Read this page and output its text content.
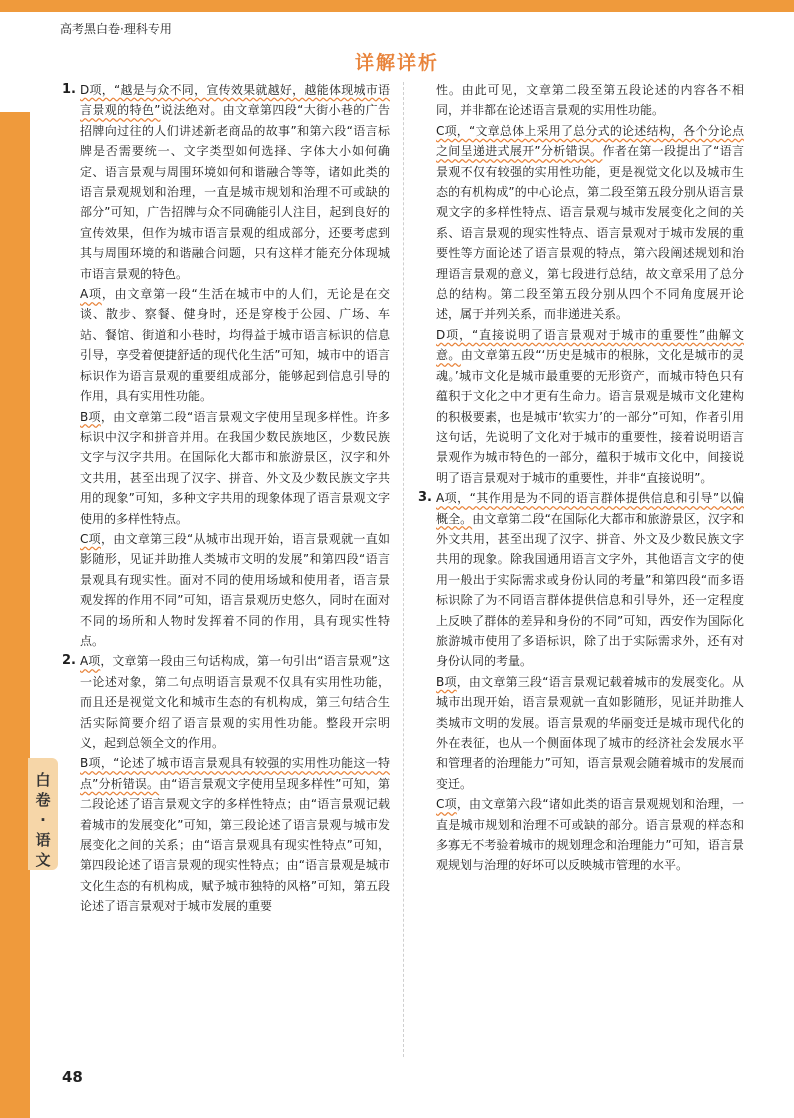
高考黑白卷·理科专用
详解详析
白卷·语文

1. D项，“越是与众不同，宣传效果就越好，越能体现城市语言景观的特色”说法绝对。由文章第四段“大街小巷的广告招牌向过往的人们讲述新老商品的故事”和第六段“语言标牌是否需要统一、文字类型如何选择、字体大小如何确定、语言景观与周围环境如何和谐融合等等，诸如此类的语言景观规划和治理，一直是城市规划和治理不可或缺的部分”可知，广告招牌与众不同确能引人注目，起到良好的宣传效果，但作为城市语言景观的组成部分，还要考虑到其与周围环境的和谐融合问题，只有这样才能充分体现城市语言景观的特色。

A项，由文章第一段“生活在城市中的人们，无论是在交谈、散步、察餐、健身时，还是穿梭于公园、广场、车站、餐馆、街道和小巷时，均得益于城市语言标识的信息引导，享受着便捷舒适的现代化生活”可知，城市中的语言标识作为语言景观的重要组成部分，能够起到信息引导的作用，具有实用性功能。

B项，由文章第二段“语言景观文字使用呈现多样性。许多标识中汉字和拼音并用。在我国少数民族地区，少数民族文字与汉字共用。在国际化大都市和旅游景区，汉字和外文共用，甚至出现了汉字、拼音、外文及少数民族文字共用的现象”可知，多种文字共用的现象体现了语言景观文字使用的多样性特点。

C项，由文章第三段“从城市出现开始，语言景观就一直如影随形，见证并助推人类城市文明的发展”和第四段“语言景观具有现实性。面对不同的使用场域和使用者，语言景观发挥的作用不同”可知，语言景观历史悠久，同时在面对不同的场所和人物时发挥着不同的作用，具有现实性特点。

2. A项，文章第一段由三句话构成，第一句引出“语言景观”这一论述对象，第二句点明语言景观不仅具有实用性功能，而且还是视觉文化和城市生态的有机构成，第三句结合生活实际简要介绍了语言景观的实用性功能。整段开宗明义，起到总领全文的作用。

B项，“论述了城市语言景观具有较强的实用性功能这一特点”分析错误。由“语言景观文字使用呈现多样性”可知，第二段论述了语言景观文字的多样性特点；由“语言景观记载着城市的发展变化”可知，第三段论述了语言景观与城市发展变化之间的关系；由“语言景观具有现实性特点”可知，第四段论述了语言景观的现实性特点；由“语言景观是城市文化生态的有机构成，赋予城市独特的风格”可知，第五段论述了语言景观对于城市发展的重要

性。由此可见，文章第二段至第五段论述的内容各不相同，并非都在论述语言景观的实用性功能。

C项，“文章总体上采用了总分式的论述结构，各个分论点之间呈递进式展开”分析错误。作者在第一段提出了“语言景观不仅有较强的实用性功能，更是视觉文化以及城市生态的有机构成”的中心论点，第二段至第五段分别从语言景观文字的多样性特点、语言景观与城市发展变化之间的关系、语言景观的现实性特点、语言景观对于城市发展的重要性等方面论述了语言景观的特点，第六段阐述规划和治理语言景观的意义，第七段进行总结，故文章采用了总分总的结构。第二段至第五段分别从四个不同角度展开论述，属于并列关系，而非递进关系。

D项，“直接说明了语言景观对于城市的重要性”曲解文意。由文章第五段“‘历史是城市的根脉，文化是城市的灵魂。’城市文化是城市最重要的无形资产，而城市特色只有蕴积于文化之中才更有生命力。语言景观是城市文化建构的积极要素，也是城市‘软实力’的一部分”可知，作者引用这句话，先说明了文化对于城市的重要性，接着说明语言景观作为城市特色的一部分，蕴积于城市文化中，间接说明了语言景观对于城市的重要性，并非“直接说明”。

3. A项，“其作用是为不同的语言群体提供信息和引导”以偏概全。由文章第二段“在国际化大都市和旅游景区，汉字和外文共用，甚至出现了汉字、拼音、外文及少数民族文字共用的现象。除我国通用语言文字外，其他语言文字的使用一般出于实际需求或身份认同的考量”和第四段“而多语标识除了为不同语言群体提供信息和引导外，还一定程度上反映了群体的差异和身份的不同”可知，西安作为国际化旅游城市使用了多语标识，除了出于实际需求外，还有对身份认同的考量。

B项，由文章第三段“语言景观记载着城市的发展变化。从城市出现开始，语言景观就一直如影随形，见证并助推人类城市文明的发展。语言景观的华丽变迁是城市现代化的外在表征，也从一个侧面体现了城市的经济社会发展水平和管理者的治理能力”可知，语言景观会随着城市的发展而变迁。

C项，由文章第六段“诸如此类的语言景观规划和治理，一直是城市规划和治理不可或缺的部分。语言景观的样态和多寡无不考验着城市的规划理念和治理能力”可知，语言景观规划与治理的好坏可以反映城市管理的水平。

48
